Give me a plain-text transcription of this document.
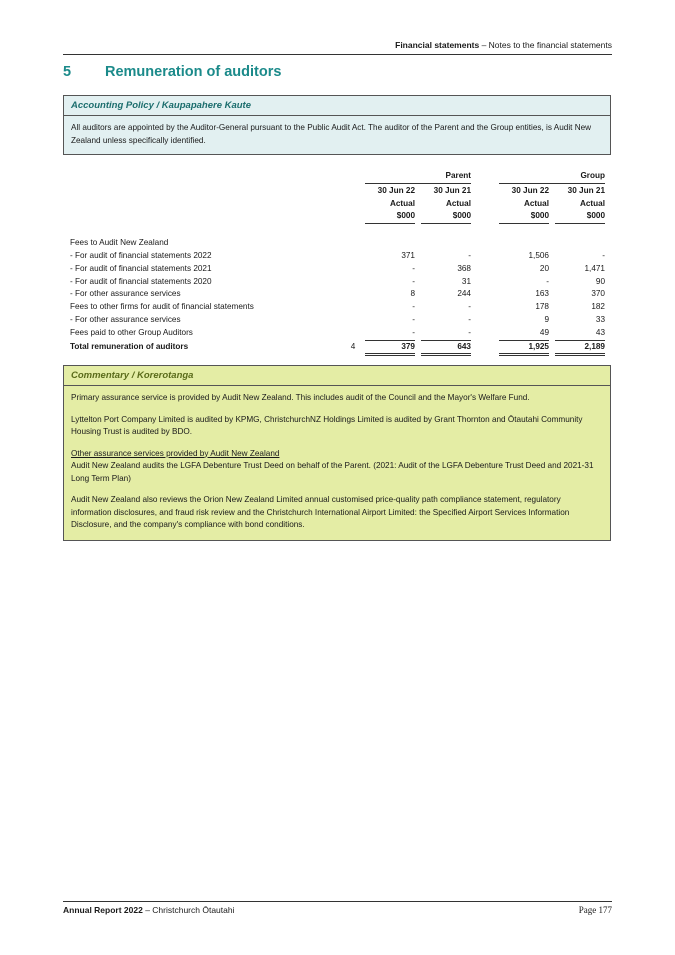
Financial statements – Notes to the financial statements
5 Remuneration of auditors
Accounting Policy / Kaupapahere Kaute
All auditors are appointed by the Auditor-General pursuant to the Public Audit Act. The auditor of the Parent and the Group entities, is Audit New Zealand unless specifically identified.
Parent	Group
30 Jun 22	30 Jun 21	30 Jun 22	30 Jun 21
Actual	Actual	Actual	Actual
$000	$000	$000	$000
Fees to Audit New Zealand
- For audit of financial statements 2022	371	-	1,506	-
- For audit of financial statements 2021	-	368	20	1,471
- For audit of financial statements 2020	-	31	-	90
- For other assurance services	8	244	163	370
Fees to other firms for audit of financial statements	-	-	178	182
- For other assurance services	-	-	9	33
Fees paid to other Group Auditors	-	-	49	43
Total remuneration of auditors	4	379	643	1,925	2,189
Commentary / Korerotanga

Primary assurance service is provided by Audit New Zealand. This includes audit of the Council and the Mayor's Welfare Fund.

Lyttelton Port Company Limited is audited by KPMG, ChristchurchNZ Holdings Limited is audited by Grant Thornton and Ōtautahi Community Housing Trust is audited by BDO.

Other assurance services provided by Audit New Zealand

Audit New Zealand audits the LGFA Debenture Trust Deed on behalf of the Parent. (2021: Audit of the LGFA Debenture Trust Deed and 2021-31 Long Term Plan)

Audit New Zealand also reviews the Orion New Zealand Limited annual customised price-quality path compliance statement, regulatory information disclosures, and fraud risk review and the Christchurch International Airport Limited: the Specified Airport Services Information Disclosure, and the company's compliance with bond conditions.

Annual Report 2022 – Christchurch Ōtautahi	Page 177
